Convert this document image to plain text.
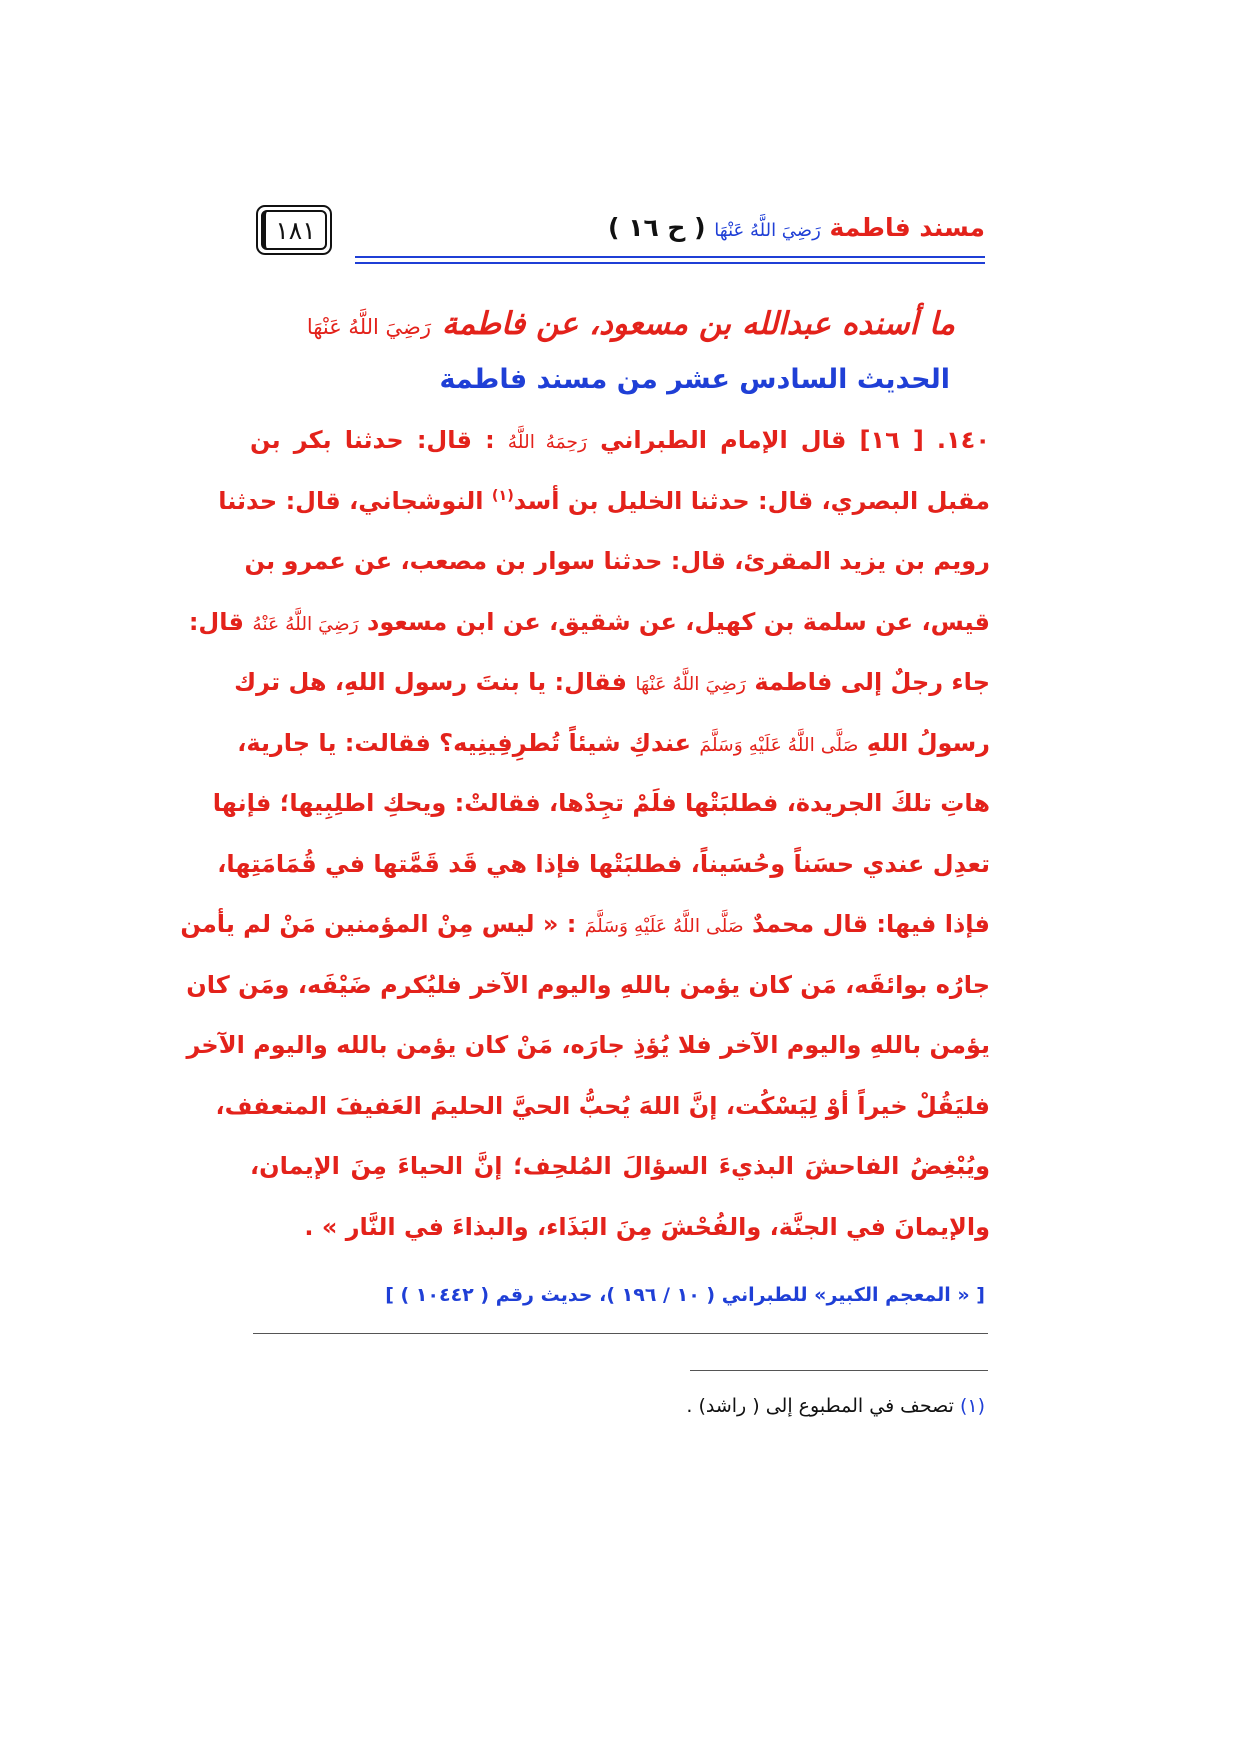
١٨١	مسند فاطمة رَضِيَ اللَّهُ عَنْهَا ( ح ١٦ )
ما أسنده عبدالله بن مسعود، عن فاطمة رَضِيَ اللَّهُ عَنْهَا
الحديث السادس عشر من مسند فاطمة
١٤٠. [ ١٦] قال الإمام الطبراني رَحِمَهُ اللَّهُ : قال: حدثنا بكر بن
مقبل البصري، قال: حدثنا الخليل بن أسد$^{(١)}$ النوشجاني، قال: حدثنا
رويم بن يزيد المقرئ، قال: حدثنا سوار بن مصعب، عن عمرو بن
قيس، عن سلمة بن كهيل، عن شقيق، عن ابن مسعود رَضِيَ اللَّهُ عَنْهُ قال:
جاء رجلٌ إلى فاطمة رَضِيَ اللَّهُ عَنْهَا فقال: يا بنتَ رسول اللهِ، هل ترك
رسولُ اللهِ صَلَّى اللَّهُ عَلَيْهِ وَسَلَّمَ عندكِ شيئاً تُطرِفِينِيه؟ فقالت: يا جارية،
هاتِ تلكَ الجريدة، فطلبَتْها فلَمْ تجِدْها، فقالتْ: ويحكِ اطلِبِيها؛ فإنها
تعدِل عندي حسَناً وحُسَيناً، فطلبَتْها فإذا هي قَد قَمَّتها في قُمَامَتِها،
فإذا فيها: قال محمدٌ صَلَّى اللَّهُ عَلَيْهِ وَسَلَّمَ : « ليس مِنْ المؤمنين مَنْ لم يأمن
جارُه بوائقَه، مَن كان يؤمن باللهِ واليوم الآخر فليُكرم ضَيْفَه، ومَن كان
يؤمن باللهِ واليوم الآخر فلا يُؤذِ جارَه، مَنْ كان يؤمن بالله واليوم الآخر
فليَقُلْ خيراً أوْ لِيَسْكُت، إنَّ اللهَ يُحبُّ الحيَّ الحليمَ العَفيفَ المتعفف،
ويُبْغِضُ الفاحشَ البذيءَ السؤالَ المُلحِف؛ إنَّ الحياءَ مِنَ الإيمان،
والإيمانَ في الجنَّة، والفُحْشَ مِنَ البَذَاء، والبذاءَ في النَّار » .
[ « المعجم الكبير» للطبراني ( ١٠ / ١٩٦ )، حديث رقم ( ١٠٤٤٢ ) ]
(١) تصحف في المطبوع إلى ( راشد) .
